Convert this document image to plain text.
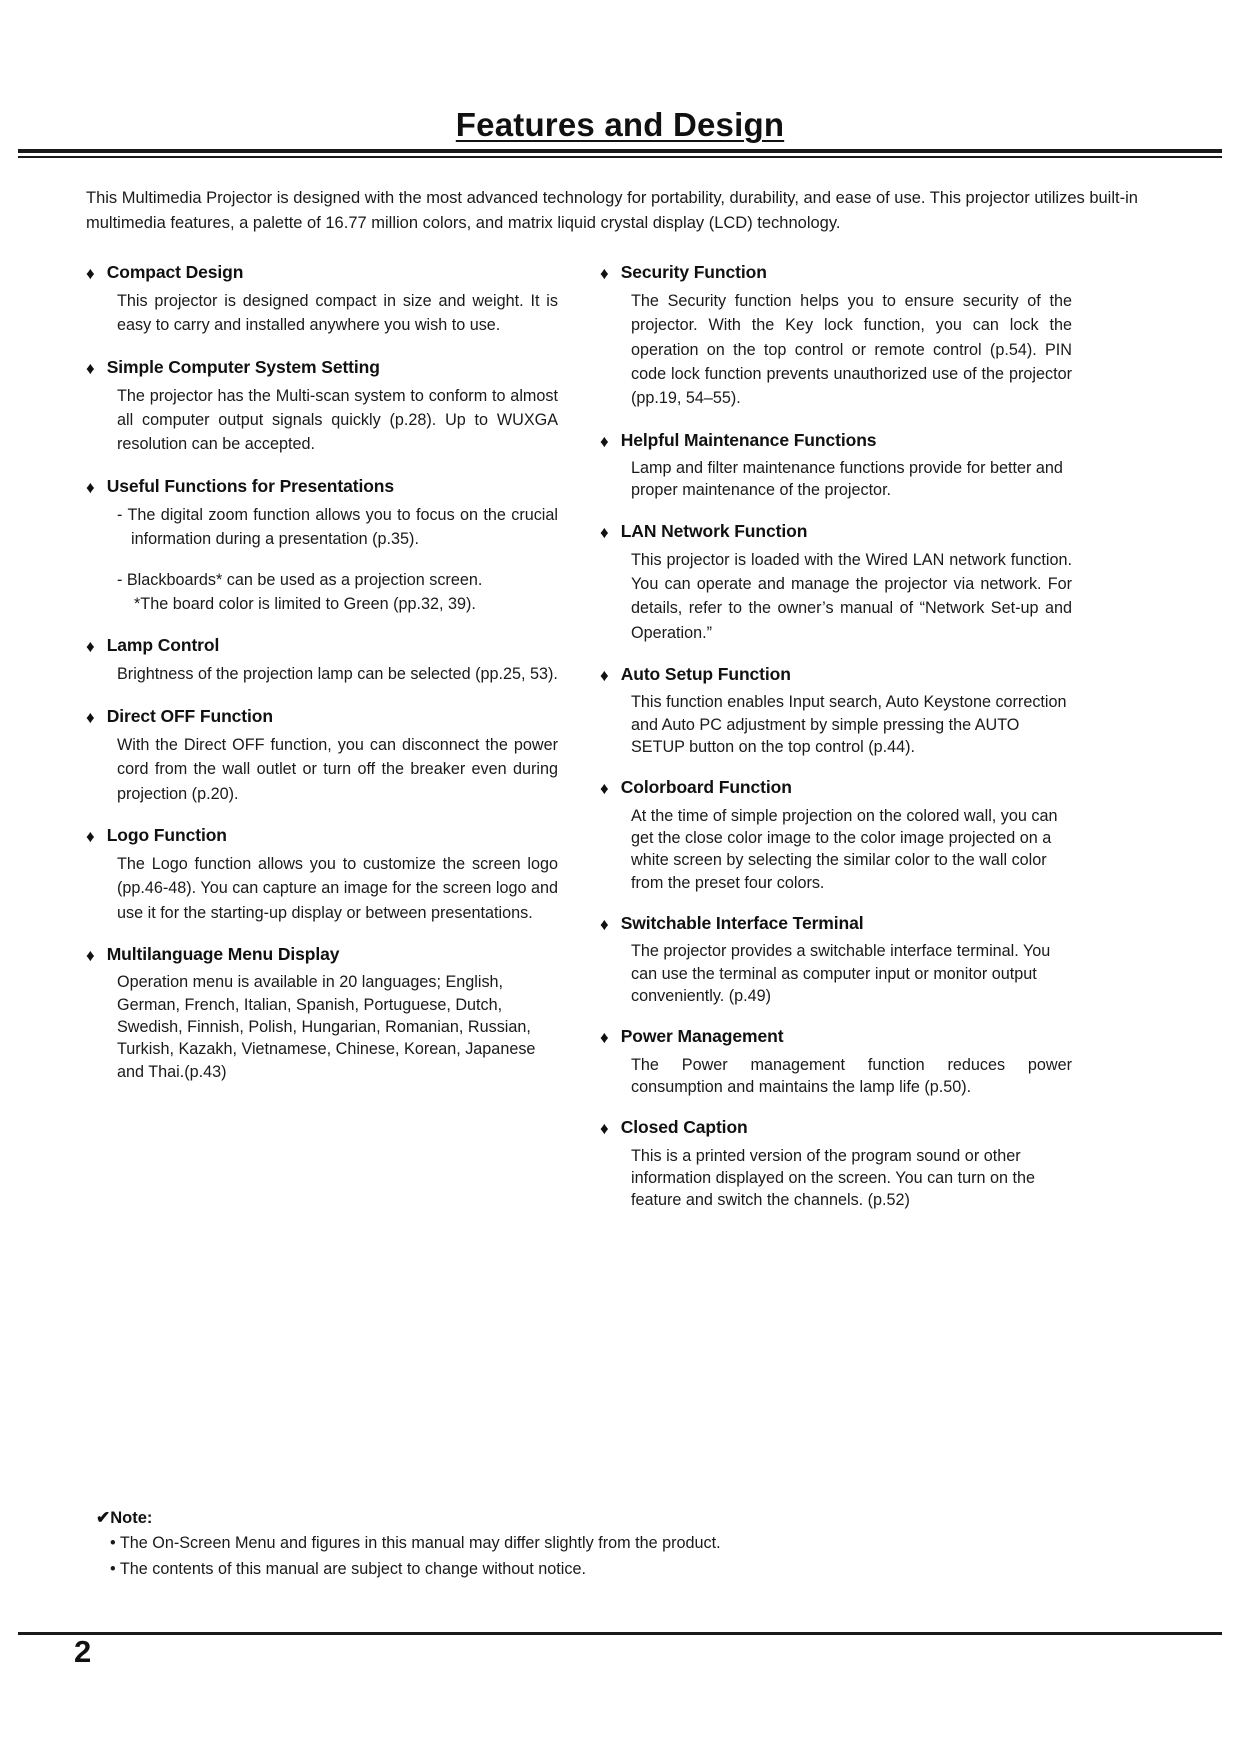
Features and Design

This Multimedia Projector is designed with the most advanced technology for portability, durability, and ease of use. This projector utilizes built-in multimedia features, a palette of 16.77 million colors, and matrix liquid crystal display (LCD) technology.

♦ Compact Design

This projector is designed compact in size and weight. It is easy to carry and installed anywhere you wish to use.

♦ Simple Computer System Setting

The projector has the Multi-scan system to conform to almost all computer output signals quickly (p.28). Up to WUXGA resolution can be accepted.

♦ Useful Functions for Presentations

- The digital zoom function allows you to focus on the crucial information during a presentation (p.35).

- Blackboards* can be used as a projection screen.
*The board color is limited to Green (pp.32, 39).

♦ Lamp Control

Brightness of the projection lamp can be selected (pp.25, 53).

♦ Direct OFF Function

With the Direct OFF function, you can disconnect the power cord from the wall outlet or turn off the breaker even during projection (p.20).

♦ Logo Function

The Logo function allows you to customize the screen logo (pp.46-48). You can capture an image for the screen logo and use it for the starting-up display or between presentations.

♦ Multilanguage Menu Display

Operation menu is available in 20 languages; English, German, French, Italian, Spanish, Portuguese, Dutch, Swedish, Finnish, Polish, Hungarian, Romanian, Russian, Turkish, Kazakh, Vietnamese, Chinese, Korean, Japanese and Thai.(p.43)

♦ Security Function

The Security function helps you to ensure security of the projector. With the Key lock function, you can lock the operation on the top control or remote control (p.54). PIN code lock function prevents unauthorized use of the projector (pp.19, 54–55).

♦ Helpful Maintenance Functions

Lamp and filter maintenance functions provide for better and proper maintenance of the projector.

♦ LAN Network Function

This projector is loaded with the Wired LAN network function. You can operate and manage the projector via network. For details, refer to the owner’s manual of “Network Set-up and Operation.”

♦ Auto Setup Function

This function enables Input search, Auto Keystone correction and Auto PC adjustment by simple pressing the AUTO SETUP button on the top control (p.44).

♦ Colorboard Function

At the time of simple projection on the colored wall, you can get the close color image to the color image projected on a white screen by selecting the similar color to the wall color from the preset four colors.

♦ Switchable Interface Terminal

The projector provides a switchable interface terminal. You can use the terminal as computer input or monitor output conveniently. (p.49)

♦ Power Management

The Power management function reduces power consumption and maintains the lamp life (p.50).

♦ Closed Caption

This is a printed version of the program sound or other information displayed on the screen. You can turn on the feature and switch the channels. (p.52)

✔Note:
• The On-Screen Menu and figures in this manual may differ slightly from the product.
• The contents of this manual are subject to change without notice.
2
